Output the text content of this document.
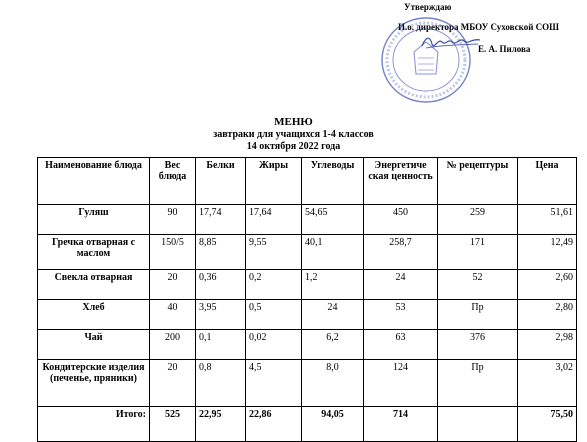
Утверждаю
И.о. директора МБОУ Суховской СОШ
Е. А. Пилова
МЕНЮ
завтраки для учащихся 1-4 классов
14 октября 2022 года
Наименование блюда	Вес блюда	Белки	Жиры	Углеводы	Энергетиче ская ценность	№ рецептуры	Цена
Гуляш	90	17,74	17,64	54,65	450	259	51,61
Гречка отварная с маслом	150/5	8,85	9,55	40,1	258,7	171	12,49
Свекла отварная	20	0,36	0,2	1,2	24	52	2,60
Хлеб	40	3,95	0,5	24	53	Пр	2,80
Чай	200	0,1	0,02	6,2	63	376	2,98
Кондитерские изделия (печенье, пряники)	20	0,8	4,5	8,0	124	Пр	3,02
Итого:	525	22,95	22,86	94,05	714		75,50
